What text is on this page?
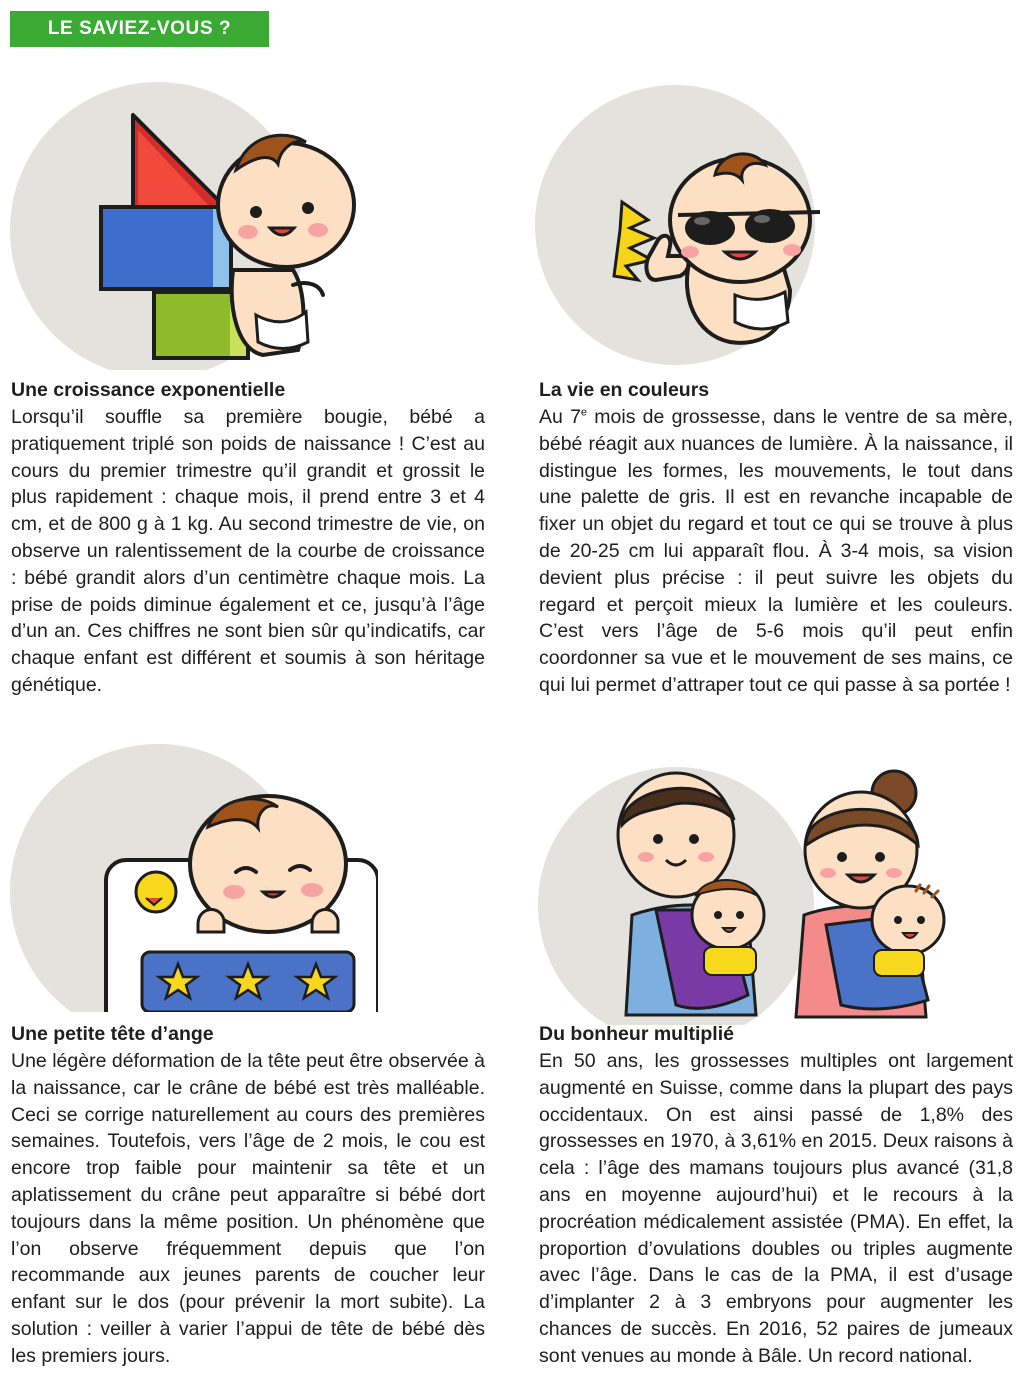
LE SAVIEZ-VOUS ?
Une croissance exponentielle

Lorsqu’il souffle sa première bougie, bébé a pratiquement triplé son poids de naissance ! C’est au cours du premier trimestre qu’il grandit et grossit le plus rapidement : chaque mois, il prend entre 3 et 4 cm, et de 800 g à 1 kg. Au second trimestre de vie, on observe un ralentissement de la courbe de croissance : bébé grandit alors d’un centimètre chaque mois. La prise de poids diminue également et ce, jusqu’à l’âge d’un an. Ces chiffres ne sont bien sûr qu’indicatifs, car chaque enfant est différent et soumis à son héritage génétique.

La vie en couleurs

Au 7e mois de grossesse, dans le ventre de sa mère, bébé réagit aux nuances de lumière. À la naissance, il distingue les formes, les mouvements, le tout dans une palette de gris. Il est en revanche incapable de fixer un objet du regard et tout ce qui se trouve à plus de 20-25 cm lui apparaît flou. À 3-4 mois, sa vision devient plus précise : il peut suivre les objets du regard et perçoit mieux la lumière et les couleurs. C’est vers l’âge de 5-6 mois qu’il peut enfin coordonner sa vue et le mouvement de ses mains, ce qui lui permet d’attraper tout ce qui passe à sa portée !

Une petite tête d’ange

Une légère déformation de la tête peut être observée à la naissance, car le crâne de bébé est très malléable. Ceci se corrige naturellement au cours des premières semaines. Toutefois, vers l’âge de 2 mois, le cou est encore trop faible pour maintenir sa tête et un aplatissement du crâne peut apparaître si bébé dort toujours dans la même position. Un phénomène que l’on observe fréquemment depuis que l’on recommande aux jeunes parents de coucher leur enfant sur le dos (pour prévenir la mort subite). La solution : veiller à varier l’appui de tête de bébé dès les premiers jours.

Du bonheur multiplié

En 50 ans, les grossesses multiples ont largement augmenté en Suisse, comme dans la plupart des pays occidentaux. On est ainsi passé de 1,8% des grossesses en 1970, à 3,61% en 2015. Deux raisons à cela : l’âge des mamans toujours plus avancé (31,8 ans en moyenne aujourd’hui) et le recours à la procréation médicalement assistée (PMA). En effet, la proportion d’ovulations doubles ou triples augmente avec l’âge. Dans le cas de la PMA, il est d’usage d’implanter 2 à 3 embryons pour augmenter les chances de succès. En 2016, 52 paires de jumeaux sont venues au monde à Bâle. Un record national.
